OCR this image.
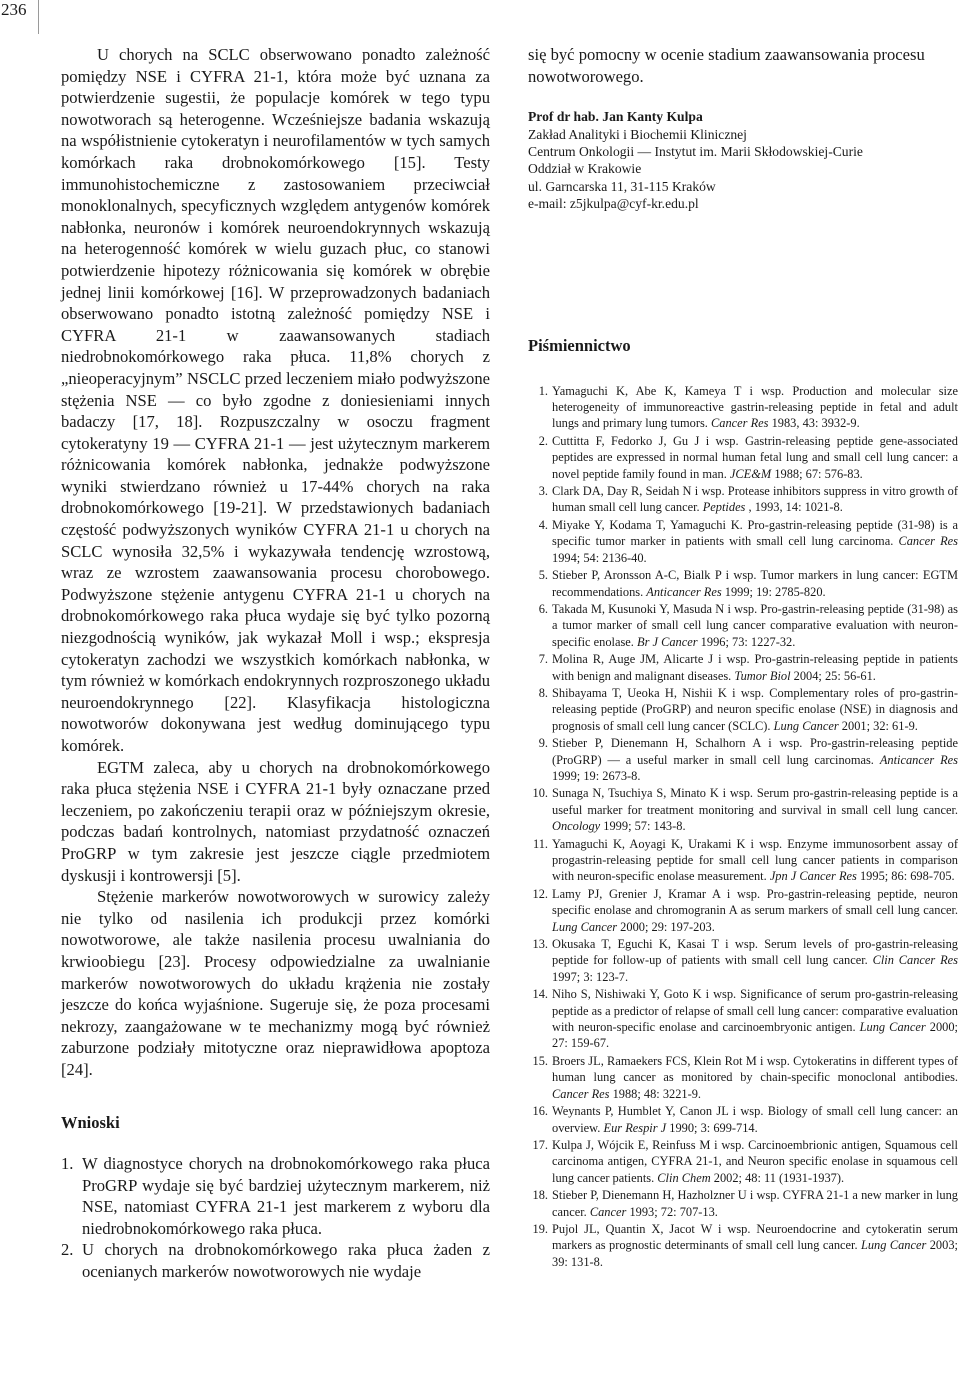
236

U chorych na SCLC obserwowano ponadto zależność pomiędzy NSE i CYFRA 21-1, która może być uznana za potwierdzenie sugestii, że populacje komórek w tego typu nowotworach są heterogenne. Wcześniejsze badania wskazują na współistnienie cytokeratyn i neurofilamentów w tych samych komórkach raka drobnokomórkowego [15]. Testy immunohistochemiczne z zastosowaniem przeciwciał monoklonalnych, specyficznych względem antygenów komórek nabłonka, neuronów i komórek neuroendokrynnych wskazują na heterogenność komórek w wielu guzach płuc, co stanowi potwierdzenie hipotezy różnicowania się komórek w obrębie jednej linii komórkowej [16]. W przeprowadzonych badaniach obserwowano ponadto istotną zależność pomiędzy NSE i CYFRA 21-1 w zaawansowanych stadiach niedrobnokomórkowego raka płuca. 11,8% chorych z „nieoperacyjnym” NSCLC przed leczeniem miało podwyższone stężenia NSE — co było zgodne z doniesieniami innych badaczy [17, 18]. Rozpuszczalny w osoczu fragment cytokeratyny 19 — CYFRA 21-1 — jest użytecznym markerem różnicowania komórek nabłonka, jednakże podwyższone wyniki stwierdzano również u 17-44% chorych na raka drobnokomórkowego [19-21]. W przedstawionych badaniach częstość podwyższonych wyników CYFRA 21-1 u chorych na SCLC wynosiła 32,5% i wykazywała tendencję wzrostową, wraz ze wzrostem zaawansowania procesu chorobowego. Podwyższone stężenie antygenu CYFRA 21-1 u chorych na drobnokomórkowego raka płuca wydaje się być tylko pozorną niezgodnością wyników, jak wykazał Moll i wsp.; ekspresja cytokeratyn zachodzi we wszystkich komórkach nabłonka, w tym również w komórkach endokrynnych rozproszonego układu neuroendokrynnego [22]. Klasyfikacja histologiczna nowotworów dokonywana jest według dominującego typu komórek.

EGTM zaleca, aby u chorych na drobnokomórkowego raka płuca stężenia NSE i CYFRA 21-1 były oznaczane przed leczeniem, po zakończeniu terapii oraz w późniejszym okresie, podczas badań kontrolnych, natomiast przydatność oznaczeń ProGRP w tym zakresie jest jeszcze ciągle przedmiotem dyskusji i kontrowersji [5].

Stężenie markerów nowotworowych w surowicy zależy nie tylko od nasilenia ich produkcji przez komórki nowotworowe, ale także nasilenia procesu uwalniania do krwioobiegu [23]. Procesy odpowiedzialne za uwalnianie markerów nowotworowych do układu krążenia nie zostały jeszcze do końca wyjaśnione. Sugeruje się, że poza procesami nekrozy, zaangażowane w te mechanizmy mogą być również zaburzone podziały mitotyczne oraz nieprawidłowa apoptoza [24].

Wnioski
1. W diagnostyce chorych na drobnokomórkowego raka płuca ProGRP wydaje się być bardziej użytecznym markerem, niż NSE, natomiast CYFRA 21-1 jest markerem z wyboru dla niedrobnokomórkowego raka płuca.
2. U chorych na drobnokomórkowego raka płuca żaden z ocenianych markerów nowotworowych nie wydaje

się być pomocny w ocenie stadium zaawansowania procesu nowotworowego.

Prof dr hab. Jan Kanty Kulpa
Zakład Analityki i Biochemii Klinicznej
Centrum Onkologii — Instytut im. Marii Skłodowskiej-Curie
Oddział w Krakowie
ul. Garncarska 11, 31-115 Kraków
e-mail: z5jkulpa@cyf-kr.edu.pl
Piśmiennictwo
1. Yamaguchi K, Abe K, Kameya T i wsp. Production and molecular size heterogeneity of immunoreactive gastrin-releasing peptide in fetal and adult lungs and primary lung tumors. Cancer Res 1983, 43: 3932-9.
2. Cuttitta F, Fedorko J, Gu J i wsp. Gastrin-releasing peptide gene-associated peptides are expressed in normal human fetal lung and small cell lung cancer: a novel peptide family found in man. JCE&M 1988; 67: 576-83.
3. Clark DA, Day R, Seidah N i wsp. Protease inhibitors suppress in vitro growth of human small cell lung cancer. Peptides , 1993, 14: 1021-8.
4. Miyake Y, Kodama T, Yamaguchi K. Pro-gastrin-releasing peptide (31-98) is a specific tumor marker in patients with small cell lung carcinoma. Cancer Res 1994; 54: 2136-40.
5. Stieber P, Aronsson A-C, Bialk P i wsp. Tumor markers in lung cancer: EGTM recommendations. Anticancer Res 1999; 19: 2785-820.
6. Takada M, Kusunoki Y, Masuda N i wsp. Pro-gastrin-releasing peptide (31-98) as a tumor marker of small cell lung cancer comparative evaluation with neuron-specific enolase. Br J Cancer 1996; 73: 1227-32.
7. Molina R, Auge JM, Alicarte J i wsp. Pro-gastrin-releasing peptide in patients with benign and malignant diseases. Tumor Biol 2004; 25: 56-61.
8. Shibayama T, Ueoka H, Nishii K i wsp. Complementary roles of pro-gastrin-releasing peptide (ProGRP) and neuron specific enolase (NSE) in diagnosis and prognosis of small cell lung cancer (SCLC). Lung Cancer 2001; 32: 61-9.
9. Stieber P, Dienemann H, Schalhorn A i wsp. Pro-gastrin-releasing peptide (ProGRP) — a useful marker in small cell lung carcinomas. Anticancer Res 1999; 19: 2673-8.
10. Sunaga N, Tsuchiya S, Minato K i wsp. Serum pro-gastrin-releasing peptide is a useful marker for treatment monitoring and survival in small cell lung cancer. Oncology 1999; 57: 143-8.
11. Yamaguchi K, Aoyagi K, Urakami K i wsp. Enzyme immunosorbent assay of progastrin-releasing peptide for small cell lung cancer patients in comparison with neuron-specific enolase measurement. Jpn J Cancer Res 1995; 86: 698-705.
12. Lamy PJ, Grenier J, Kramar A i wsp. Pro-gastrin-releasing peptide, neuron specific enolase and chromogranin A as serum markers of small cell lung cancer. Lung Cancer 2000; 29: 197-203.
13. Okusaka T, Eguchi K, Kasai T i wsp. Serum levels of pro-gastrin-releasing peptide for follow-up of patients with small cell lung cancer. Clin Cancer Res 1997; 3: 123-7.
14. Niho S, Nishiwaki Y, Goto K i wsp. Significance of serum pro-gastrin-releasing peptide as a predictor of relapse of small cell lung cancer: comparative evaluation with neuron-specific enolase and carcinoembryonic antigen. Lung Cancer 2000; 27: 159-67.
15. Broers JL, Ramaekers FCS, Klein Rot M i wsp. Cytokeratins in different types of human lung cancer as monitored by chain-specific monoclonal antibodies. Cancer Res 1988; 48: 3221-9.
16. Weynants P, Humblet Y, Canon JL i wsp. Biology of small cell lung cancer: an overview. Eur Respir J 1990; 3: 699-714.
17. Kulpa J, Wójcik E, Reinfuss M i wsp. Carcinoembrionic antigen, Squamous cell carcinoma antigen, CYFRA 21-1, and Neuron specific enolase in squamous cell lung cancer patients. Clin Chem 2002; 48: 11 (1931-1937).
18. Stieber P, Dienemann H, Hazholzner U i wsp. CYFRA 21-1 a new marker in lung cancer. Cancer 1993; 72: 707-13.
19. Pujol JL, Quantin X, Jacot W i wsp. Neuroendocrine and cytokeratin serum markers as prognostic determinants of small cell lung cancer. Lung Cancer 2003; 39: 131-8.
